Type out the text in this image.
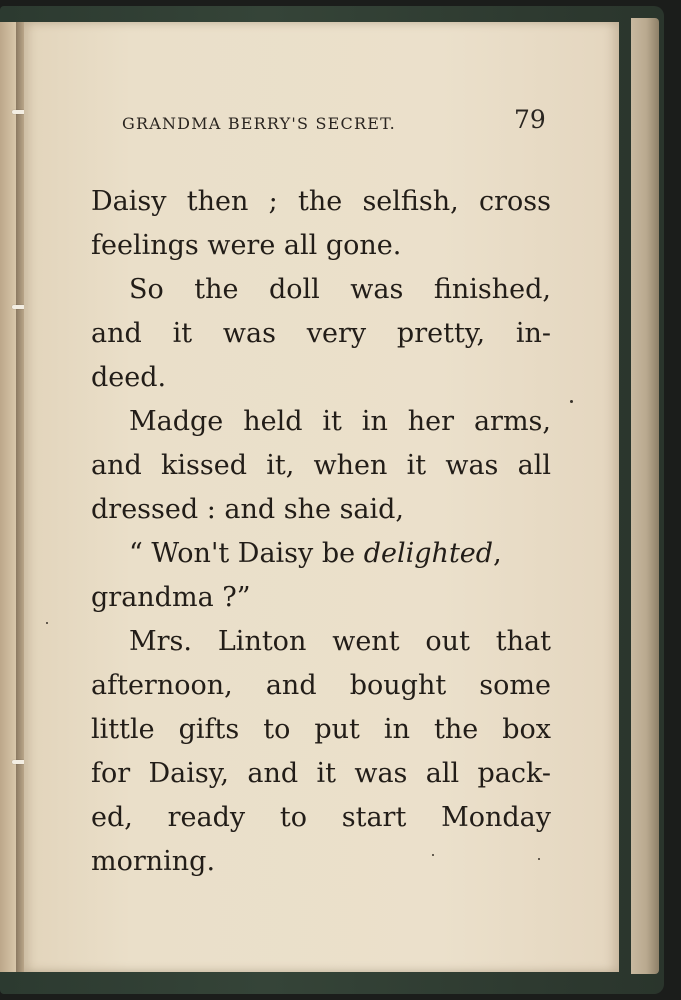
GRANDMA BERRY'S SECRET.	79
Daisy then ; the selfish, cross
feelings were all gone.
So the doll was finished,
and it was very pretty, in-
deed.
Madge held it in her arms,
and kissed it, when it was all
dressed : and she said,
“ Won't Daisy be delighted,
grandma ?”
Mrs. Linton went out that
afternoon, and bought some
little gifts to put in the box
for Daisy, and it was all pack-
ed, ready to start Monday
morning.
